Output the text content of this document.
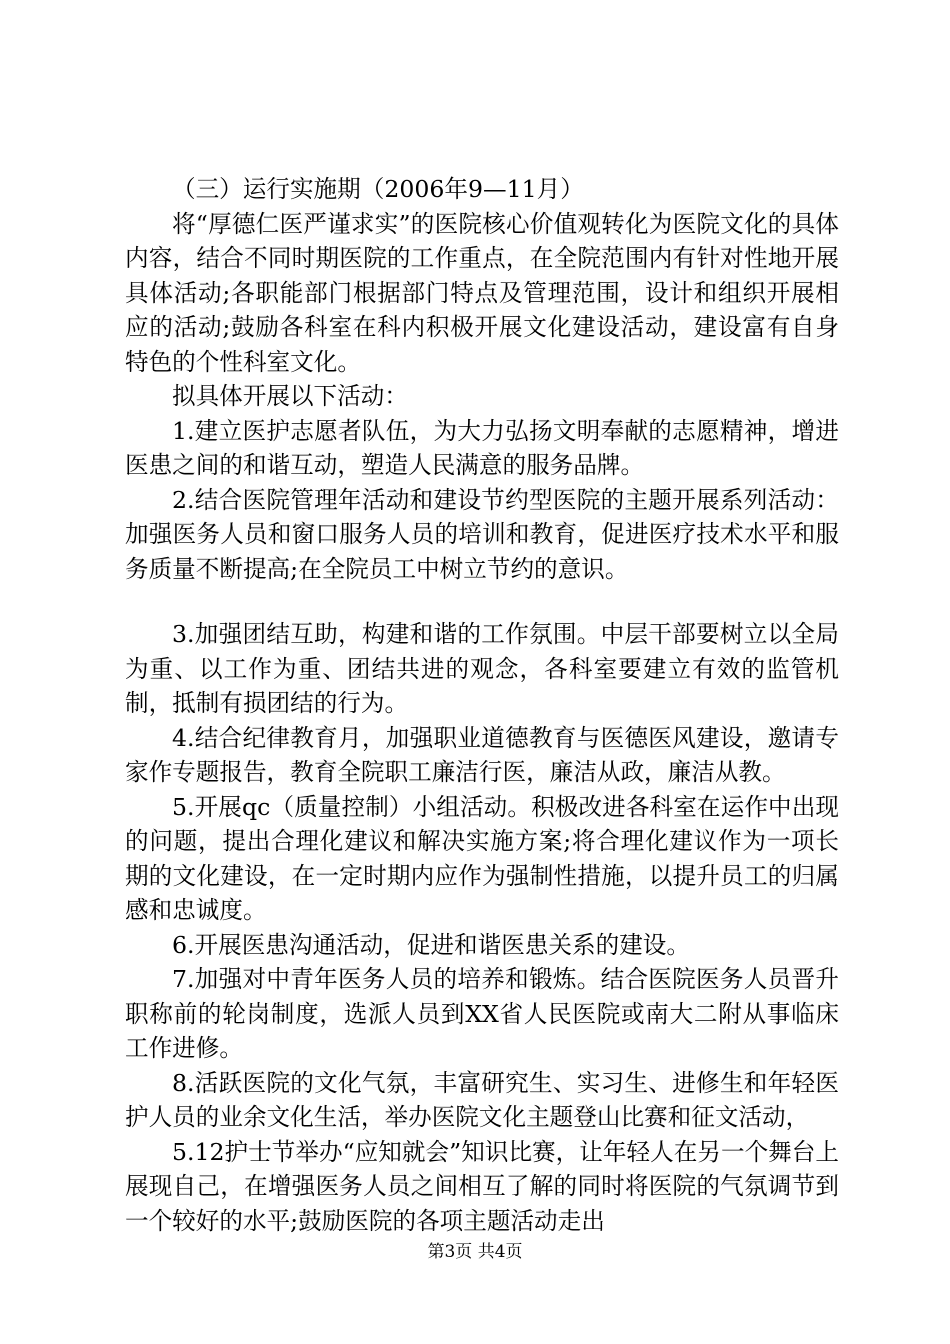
（三）运行实施期（2006年9—11月）

将“厚德仁医严谨求实”的医院核心价值观转化为医院文化的具体内容，结合不同时期医院的工作重点，在全院范围内有针对性地开展具体活动;各职能部门根据部门特点及管理范围，设计和组织开展相应的活动;鼓励各科室在科内积极开展文化建设活动，建设富有自身特色的个性科室文化。

拟具体开展以下活动：

1.建立医护志愿者队伍，为大力弘扬文明奉献的志愿精神，增进医患之间的和谐互动，塑造人民满意的服务品牌。

2.结合医院管理年活动和建设节约型医院的主题开展系列活动：加强医务人员和窗口服务人员的培训和教育，促进医疗技术水平和服务质量不断提高;在全院员工中树立节约的意识。

3.加强团结互助，构建和谐的工作氛围。中层干部要树立以全局为重、以工作为重、团结共进的观念，各科室要建立有效的监管机制，抵制有损团结的行为。

4.结合纪律教育月，加强职业道德教育与医德医风建设，邀请专家作专题报告，教育全院职工廉洁行医，廉洁从政，廉洁从教。

5.开展qc（质量控制）小组活动。积极改进各科室在运作中出现的问题，提出合理化建议和解决实施方案;将合理化建议作为一项长期的文化建设，在一定时期内应作为强制性措施，以提升员工的归属感和忠诚度。

6.开展医患沟通活动，促进和谐医患关系的建设。

7.加强对中青年医务人员的培养和锻炼。结合医院医务人员晋升职称前的轮岗制度，选派人员到XX省人民医院或南大二附从事临床工作进修。

8.活跃医院的文化气氛，丰富研究生、实习生、进修生和年轻医护人员的业余文化生活，举办医院文化主题登山比赛和征文活动，

5.12护士节举办“应知就会”知识比赛，让年轻人在另一个舞台上展现自己，在增强医务人员之间相互了解的同时将医院的气氛调节到一个较好的水平;鼓励医院的各项主题活动走出

第3页 共4页
